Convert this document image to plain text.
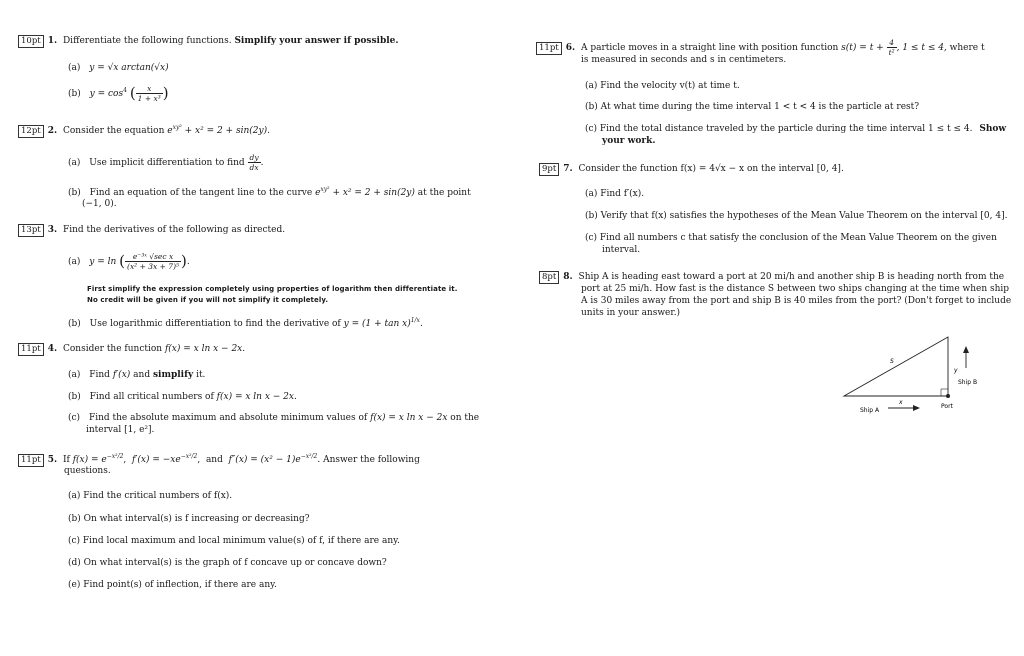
10pt 1. Differentiate the following functions. Simplify your answer if possible.
(a) y = √x arctan(√x)
(b) $y = \cos^4$ ( $\frac{x}{\text{1 + x³}}$ )
12pt 2. Consider the equation $e^{xy^2} + x^2 = 2 + \sin(2y)$.
(a) Use implicit differentiation to find $\frac{dy}{dx}$ .
(b) Find an equation of the tangent line to the curve $e^{xy^2} + x^2 = 2 + \sin(2y)$ at the point
(−1, 0).
13pt 3. Find the derivatives of the following as directed.
(a) y = ln ( $\frac{\text{e⁻³ˣ √sec x}}{\text{(x² + 3x + 7)⁵}}$ ).
First simplify the expression completely using properties of logarithm then differentiate it.
No credit will be given if you will not simplify it completely.
(b) Use logarithmic differentiation to find the derivative of $y = (1 + \tan x)^{1/x}$.
11pt 4. Consider the function f(x) = x ln x − 2x.
(a) Find f′(x) and simplify it.
(b) Find all critical numbers of f(x) = x ln x − 2x.
(c) Find the absolute maximum and absolute minimum values of f(x) = x ln x − 2x on the
interval [1, e²].
11pt 5. If $f(x) = e^{-x^2/2}$,  $f'(x) = -xe^{-x^2/2}$,  and $f''(x) = (x^2 - 1)e^{-x^2/2}$. Answer the following
questions.
(a) Find the critical numbers of f(x).
(b) On what interval(s) is f increasing or decreasing?
(c) Find local maximum and local minimum value(s) of f, if there are any.
(d) On what interval(s) is the graph of f concave up or concave down?
(e) Find point(s) of inflection, if there are any.
11pt 6. A particle moves in a straight line with position function $s(t) = t + \frac{4}{\text{t²}}$ , 1 ≤ t ≤ 4, where t
is measured in seconds and s in centimeters.
(a) Find the velocity v(t) at time t.
(b) At what time during the time interval 1 < t < 4 is the particle at rest?
(c) Find the total distance traveled by the particle during the time interval 1 ≤ t ≤ 4. Show
your work.
9pt 7. Consider the function f(x) = 4√x − x on the interval [0, 4].
(a) Find f′(x).
(b) Verify that f(x) satisfies the hypotheses of the Mean Value Theorem on the interval [0, 4].
(c) Find all numbers c that satisfy the conclusion of the Mean Value Theorem on the given
interval.
8pt 8. Ship A is heading east toward a port at 20 mi/h and another ship B is heading north from the
port at 25 mi/h. How fast is the distance S between two ships changing at the time when ship
A is 30 miles away from the port and ship B is 40 miles from the port? (Don't forget to include
units in your answer.)
S
y
x
Ship A
Ship B
Port
